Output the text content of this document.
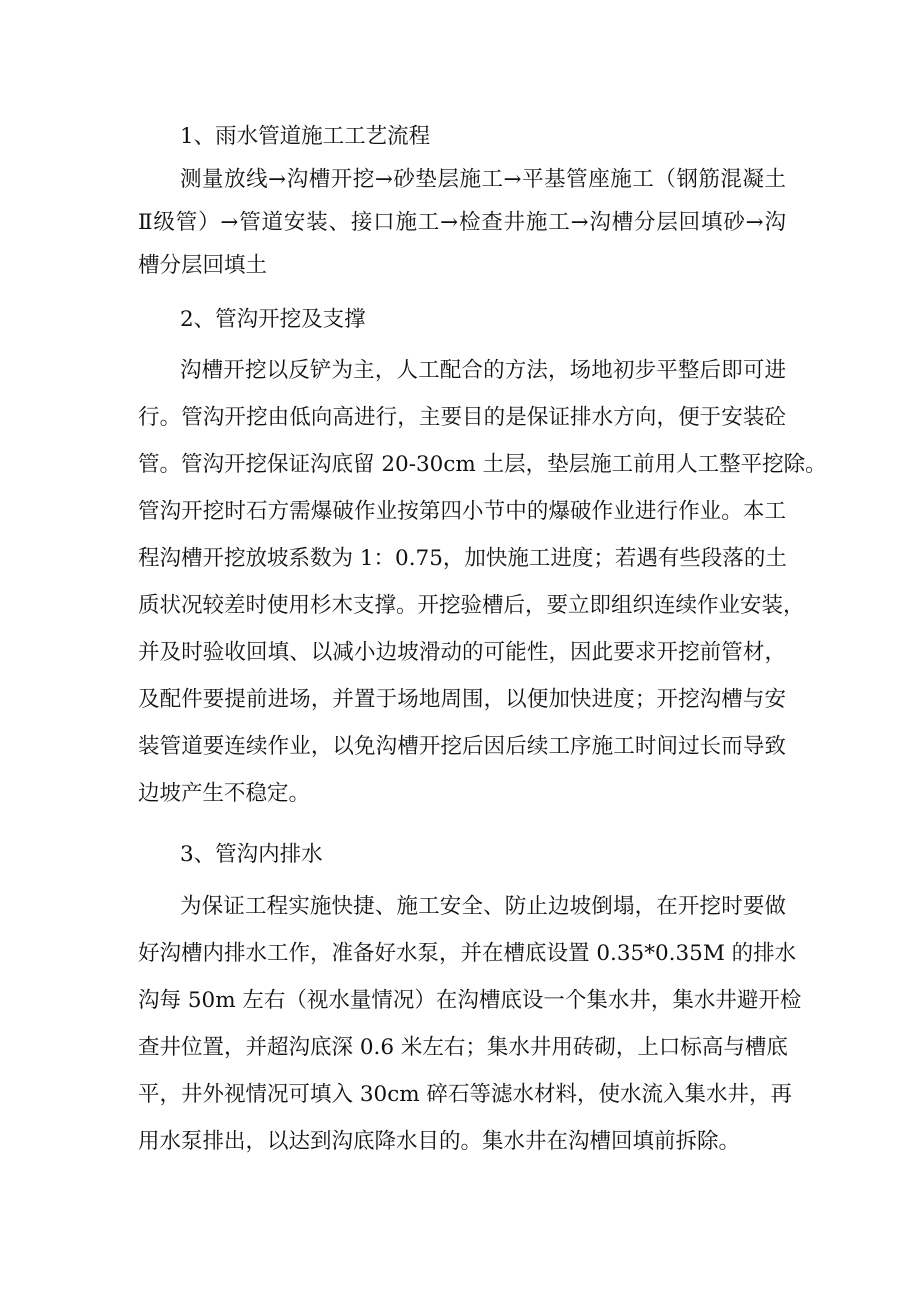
1、雨水管道施工工艺流程
测量放线→沟槽开挖→砂垫层施工→平基管座施工（钢筋混凝土
Ⅱ级管）→管道安装、接口施工→检查井施工→沟槽分层回填砂→沟
槽分层回填土
2、管沟开挖及支撑
沟槽开挖以反铲为主，人工配合的方法，场地初步平整后即可进
行。管沟开挖由低向高进行，主要目的是保证排水方向，便于安装砼
管。管沟开挖保证沟底留 20-30cm 土层，垫层施工前用人工整平挖除。
管沟开挖时石方需爆破作业按第四小节中的爆破作业进行作业。本工
程沟槽开挖放坡系数为 1：0.75，加快施工进度；若遇有些段落的土
质状况较差时使用杉木支撑。开挖验槽后，要立即组织连续作业安装，
并及时验收回填、以减小边坡滑动的可能性，因此要求开挖前管材，
及配件要提前进场，并置于场地周围，以便加快进度；开挖沟槽与安
装管道要连续作业，以免沟槽开挖后因后续工序施工时间过长而导致
边坡产生不稳定。
3、管沟内排水
为保证工程实施快捷、施工安全、防止边坡倒塌，在开挖时要做
好沟槽内排水工作，准备好水泵，并在槽底设置 0.35*0.35M 的排水
沟每 50m 左右（视水量情况）在沟槽底设一个集水井，集水井避开检
查井位置，并超沟底深 0.6 米左右；集水井用砖砌，上口标高与槽底
平，井外视情况可填入 30cm 碎石等滤水材料，使水流入集水井，再
用水泵排出，以达到沟底降水目的。集水井在沟槽回填前拆除。
